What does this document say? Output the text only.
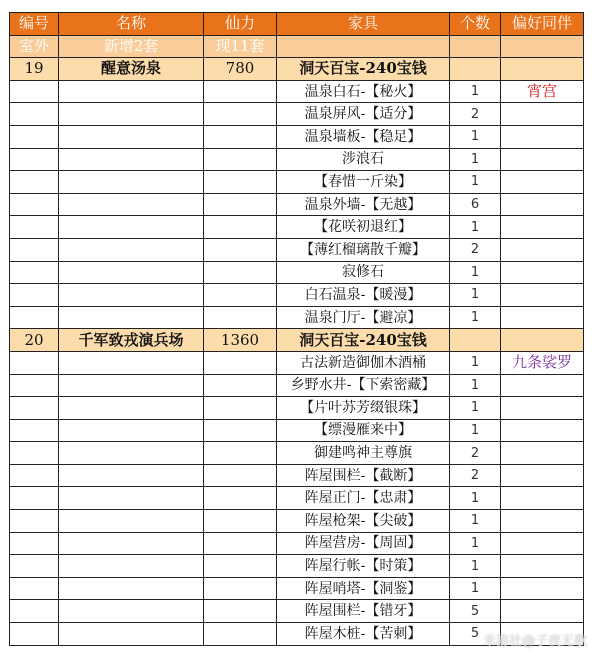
编号	名称	仙力	家具	个数	偏好同伴
室外	新增2套	现11套			
19	醒意汤泉	780	洞天百宝-240宝钱		
			温泉白石-【秘火】	1	宵宫
			温泉屏风-【适分】	2	
			温泉墙板-【稳足】	1	
			涉浪石	1	
			【春惜一斤染】	1	
			温泉外墙-【无越】	6	
			【花咲初退红】	1	
			【薄红榴璃散千瓣】	2	
			寂修石	1	
			白石温泉-【暖漫】	1	
			温泉门厅-【避凉】	1	
20	千军致戎演兵场	1360	洞天百宝-240宝钱		
			古法新造御伽木酒桶	1	九条裟罗
			乡野水井-【下索密藏】	1	
			【片叶苏芳缀银珠】	1	
			【缥漫雁来中】	1	
			御建鸣神主尊旗	2	
			阵屋围栏-【截断】	2	
			阵屋正门-【忠肃】	1	
			阵屋枪架-【尖破】	1	
			阵屋营房-【周固】	1	
			阵屋行帐-【时策】	1	
			阵屋哨塔-【洞鉴】	1	
			阵屋围栏-【错牙】	5	
			阵屋木桩-【苦刺】	5	
米游社@子夜无歌
